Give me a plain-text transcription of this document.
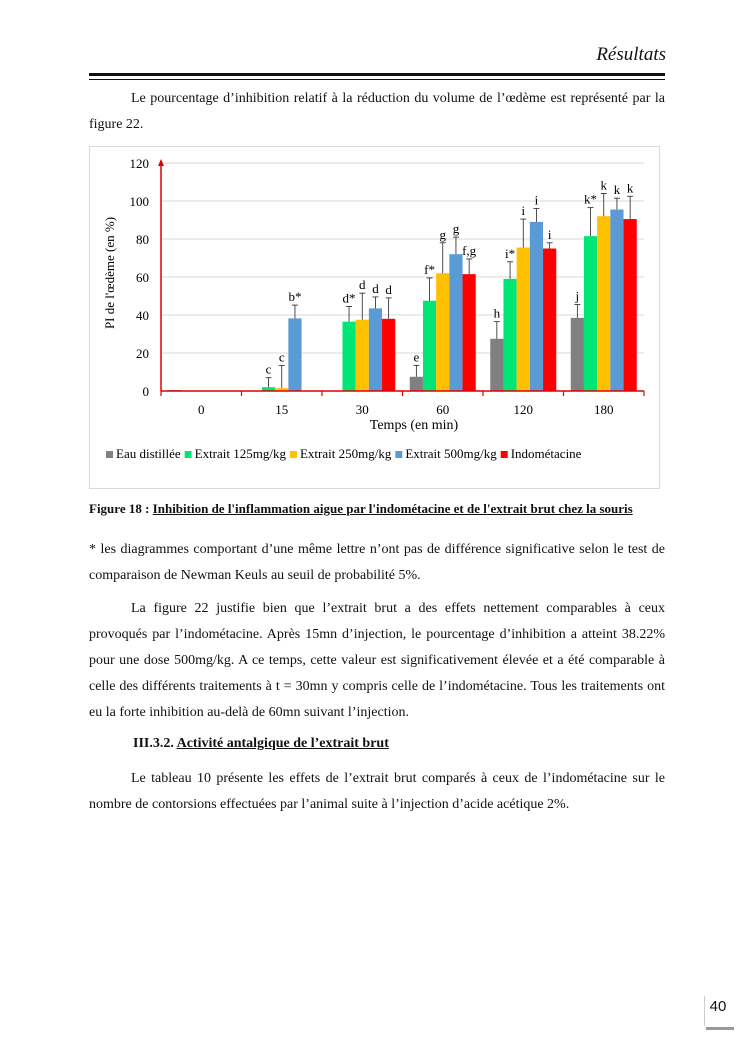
Résultats

Le pourcentage d’inhibition relatif à la réduction du volume de l’œdème est représenté par la figure 22.

e
h
j
c
d*
f*
i*
k*
c
d
g
i
k
b*
d
g
i
k
d
f,g
i
k
0
20
40
60
80
100
120
0	15	30	60	120	180
PI de l'œdème (en %)
Temps (en min)
Eau distillée Extrait 125mg/kg Extrait 250mg/kg Extrait 500mg/kg Indométacine
Figure 18 : Inhibition de l'inflammation aigue par l'indométacine et de l'extrait brut chez la souris

* les diagrammes comportant d’une même lettre n’ont pas de différence significative selon le test de comparaison de Newman Keuls au seuil de probabilité 5%.

La figure 22 justifie bien que l’extrait brut a des effets nettement comparables à ceux provoqués par l’indométacine. Après 15mn d’injection, le pourcentage d’inhibition a atteint 38.22% pour une dose 500mg/kg. A ce temps, cette valeur est significativement élevée et a été comparable à celle des différents traitements à t = 30mn y compris celle de l’indométacine. Tous les traitements ont eu la forte inhibition au-delà de 60mn suivant l’injection.

III.3.2. Activité antalgique de l’extrait brut

Le tableau 10 présente les effets de l’extrait brut comparés à ceux de l’indométacine sur le nombre de contorsions effectuées par l’animal suite à l’injection d’acide acétique 2%.

40
